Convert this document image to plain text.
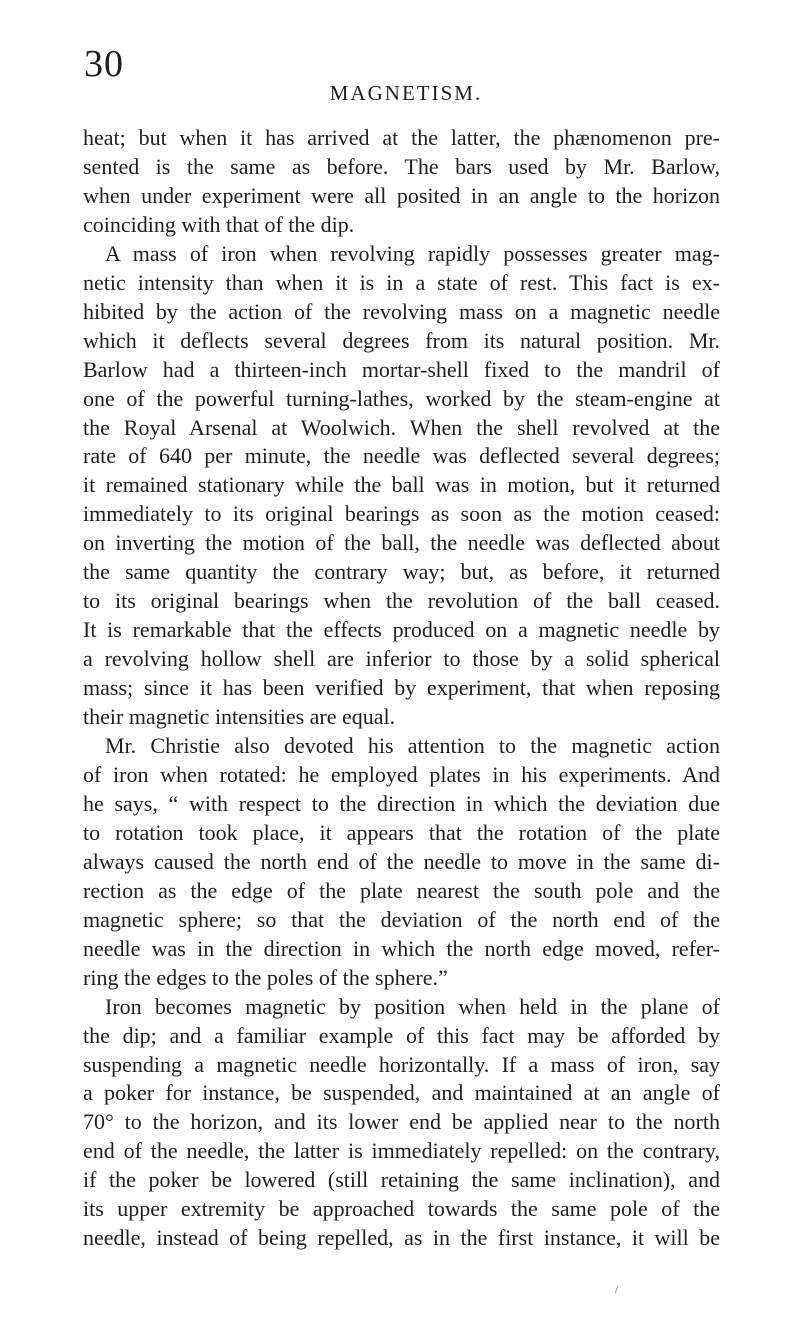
30
MAGNETISM.

heat; but when it has arrived at the latter, the phænomenon pre-
sented is the same as before. The bars used by Mr. Barlow,
when under experiment were all posited in an angle to the horizon
coinciding with that of the dip.

A mass of iron when revolving rapidly possesses greater mag-
netic intensity than when it is in a state of rest. This fact is ex-
hibited by the action of the revolving mass on a magnetic needle
which it deflects several degrees from its natural position. Mr.
Barlow had a thirteen-inch mortar-shell fixed to the mandril of
one of the powerful turning-lathes, worked by the steam-engine at
the Royal Arsenal at Woolwich. When the shell revolved at the
rate of 640 per minute, the needle was deflected several degrees;
it remained stationary while the ball was in motion, but it returned
immediately to its original bearings as soon as the motion ceased:
on inverting the motion of the ball, the needle was deflected about
the same quantity the contrary way; but, as before, it returned
to its original bearings when the revolution of the ball ceased.
It is remarkable that the effects produced on a magnetic needle by
a revolving hollow shell are inferior to those by a solid spherical
mass; since it has been verified by experiment, that when reposing
their magnetic intensities are equal.

Mr. Christie also devoted his attention to the magnetic action
of iron when rotated: he employed plates in his experiments. And
he says, “ with respect to the direction in which the deviation due
to rotation took place, it appears that the rotation of the plate
always caused the north end of the needle to move in the same di-
rection as the edge of the plate nearest the south pole and the
magnetic sphere; so that the deviation of the north end of the
needle was in the direction in which the north edge moved, refer-
ring the edges to the poles of the sphere.”

Iron becomes magnetic by position when held in the plane of
the dip; and a familiar example of this fact may be afforded by
suspending a magnetic needle horizontally. If a mass of iron, say
a poker for instance, be suspended, and maintained at an angle of
70° to the horizon, and its lower end be applied near to the north
end of the needle, the latter is immediately repelled: on the contrary,
if the poker be lowered (still retaining the same inclination), and
its upper extremity be approached towards the same pole of the
needle, instead of being repelled, as in the first instance, it will be
